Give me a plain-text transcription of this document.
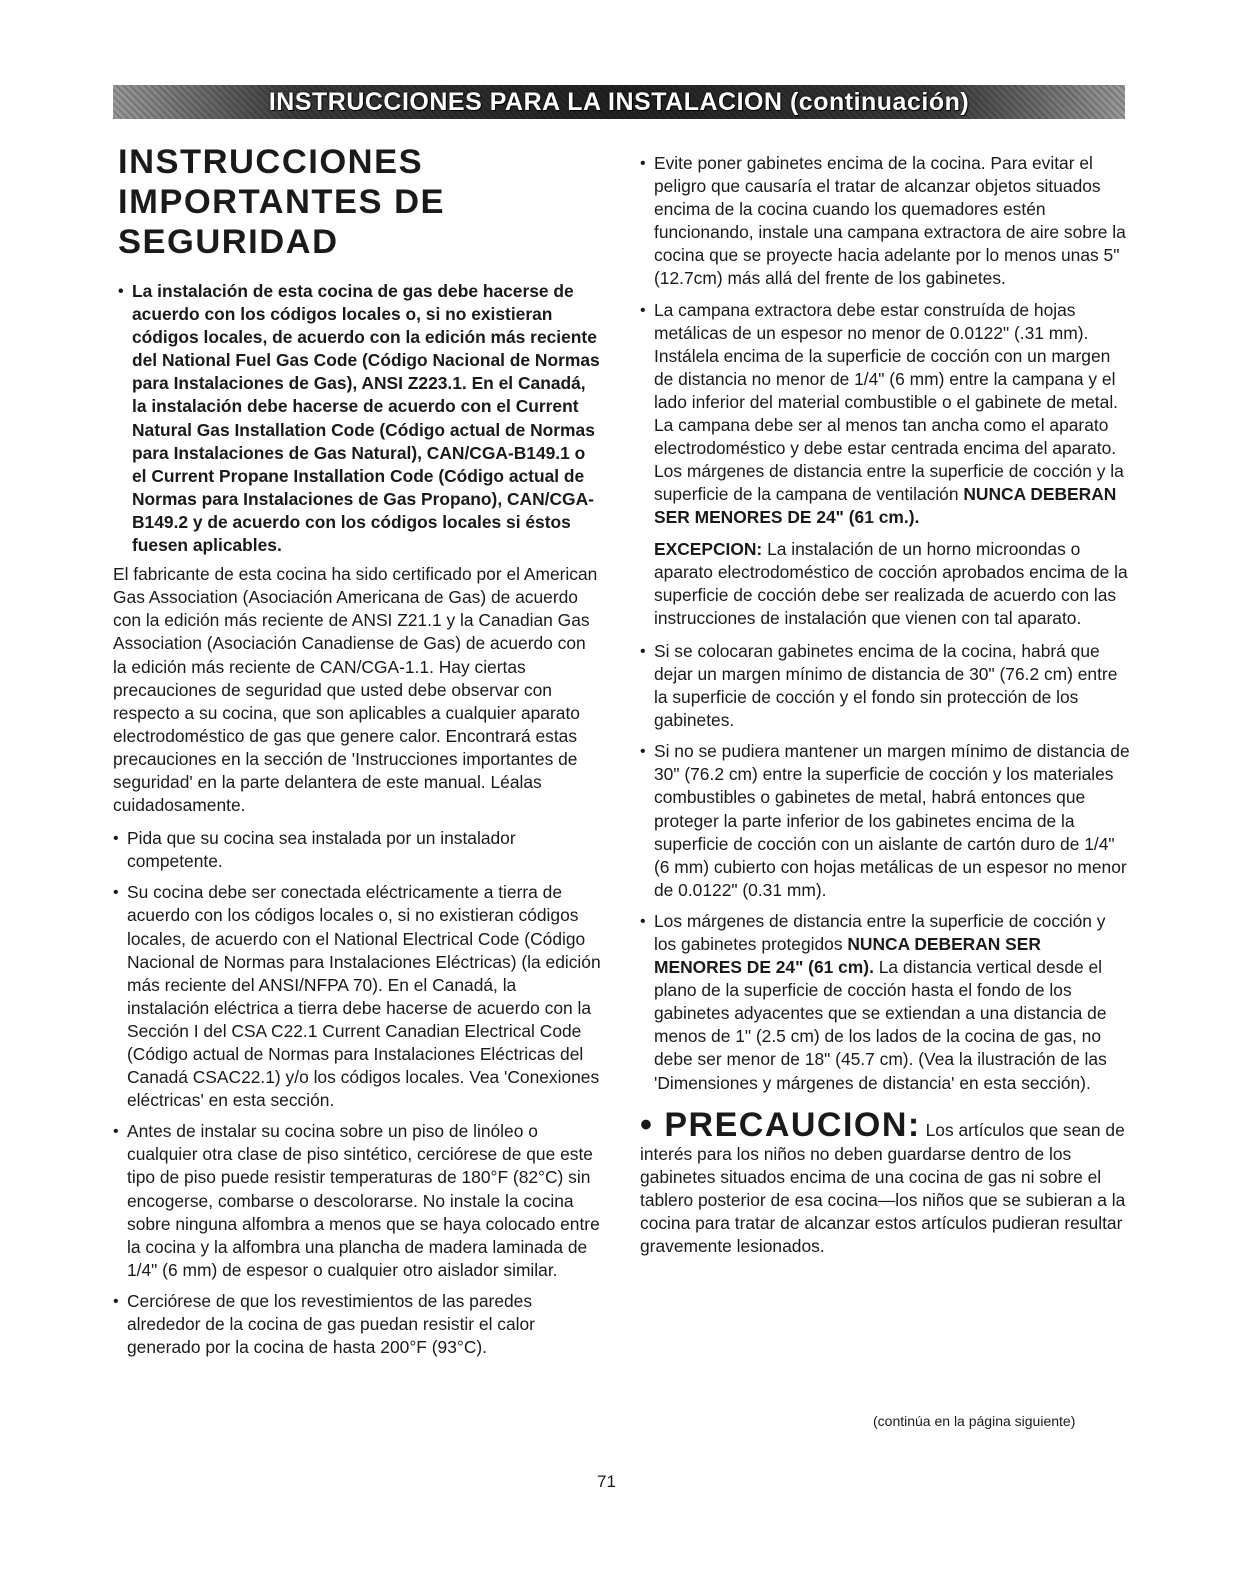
INSTRUCCIONES PARA LA INSTALACION (continuación)
INSTRUCCIONES
IMPORTANTES DE
SEGURIDAD
• La instalación de esta cocina de gas debe hacerse de acuerdo con los códigos locales o, si no existieran códigos locales, de acuerdo con la edición más reciente del National Fuel Gas Code (Código Nacional de Normas para Instalaciones de Gas), ANSI Z223.1. En el Canadá, la instalación debe hacerse de acuerdo con el Current Natural Gas Installation Code (Código actual de Normas para Instalaciones de Gas Natural), CAN/CGA-B149.1 o el Current Propane Installation Code (Código actual de Normas para Instalaciones de Gas Propano), CAN/CGA-B149.2 y de acuerdo con los códigos locales si éstos fuesen aplicables.

El fabricante de esta cocina ha sido certificado por el American Gas Association (Asociación Americana de Gas) de acuerdo con la edición más reciente de ANSI Z21.1 y la Canadian Gas Association (Asociación Canadiense de Gas) de acuerdo con la edición más reciente de CAN/CGA-1.1. Hay ciertas precauciones de seguridad que usted debe observar con respecto a su cocina, que son aplicables a cualquier aparato electrodoméstico de gas que genere calor. Encontrará estas precauciones en la sección de 'Instrucciones importantes de seguridad' en la parte delantera de este manual. Léalas cuidadosamente.

• Pida que su cocina sea instalada por un instalador competente.
• Su cocina debe ser conectada eléctricamente a tierra de acuerdo con los códigos locales o, si no existieran códigos locales, de acuerdo con el National Electrical Code (Código Nacional de Normas para Instalaciones Eléctricas) (la edición más reciente del ANSI/NFPA 70). En el Canadá, la instalación eléctrica a tierra debe hacerse de acuerdo con la Sección I del CSA C22.1 Current Canadian Electrical Code (Código actual de Normas para Instalaciones Eléctricas del Canadá CSAC22.1) y/o los códigos locales. Vea 'Conexiones eléctricas' en esta sección.
• Antes de instalar su cocina sobre un piso de linóleo o cualquier otra clase de piso sintético, cerciórese de que este tipo de piso puede resistir temperaturas de 180°F (82°C) sin encogerse, combarse o descolorarse. No instale la cocina sobre ninguna alfombra a menos que se haya colocado entre la cocina y la alfombra una plancha de madera laminada de 1/4" (6 mm) de espesor o cualquier otro aislador similar.
• Cerciórese de que los revestimientos de las paredes alrededor de la cocina de gas puedan resistir el calor generado por la cocina de hasta 200°F (93°C).
• Evite poner gabinetes encima de la cocina. Para evitar el peligro que causaría el tratar de alcanzar objetos situados encima de la cocina cuando los quemadores estén funcionando, instale una campana extractora de aire sobre la cocina que se proyecte hacia adelante por lo menos unas 5" (12.7cm) más allá del frente de los gabinetes.
• La campana extractora debe estar construída de hojas metálicas de un espesor no menor de 0.0122" (.31 mm). Instálela encima de la superficie de cocción con un margen de distancia no menor de 1/4" (6 mm) entre la campana y el lado inferior del material combustible o el gabinete de metal. La campana debe ser al menos tan ancha como el aparato electrodoméstico y debe estar centrada encima del aparato. Los márgenes de distancia entre la superficie de cocción y la superficie de la campana de ventilación NUNCA DEBERAN SER MENORES DE 24" (61 cm.).

EXCEPCION: La instalación de un horno microondas o aparato electrodoméstico de cocción aprobados encima de la superficie de cocción debe ser realizada de acuerdo con las instrucciones de instalación que vienen con tal aparato.

• Si se colocaran gabinetes encima de la cocina, habrá que dejar un margen mínimo de distancia de 30" (76.2 cm) entre la superficie de cocción y el fondo sin protección de los gabinetes.
• Si no se pudiera mantener un margen mínimo de distancia de 30" (76.2 cm) entre la superficie de cocción y los materiales combustibles o gabinetes de metal, habrá entonces que proteger la parte inferior de los gabinetes encima de la superficie de cocción con un aislante de cartón duro de 1/4" (6 mm) cubierto con hojas metálicas de un espesor no menor de 0.0122" (0.31 mm).
• Los márgenes de distancia entre la superficie de cocción y los gabinetes protegidos NUNCA DEBERAN SER MENORES DE 24" (61 cm). La distancia vertical desde el plano de la superficie de cocción hasta el fondo de los gabinetes adyacentes que se extiendan a una distancia de menos de 1" (2.5 cm) de los lados de la cocina de gas, no debe ser menor de 18" (45.7 cm). (Vea la ilustración de las 'Dimensiones y márgenes de distancia' en esta sección).

• PRECAUCION: Los artículos que sean de interés para los niños no deben guardarse dentro de los gabinetes situados encima de una cocina de gas ni sobre el tablero posterior de esa cocina—los niños que se subieran a la cocina para tratar de alcanzar estos artículos pudieran resultar gravemente lesionados.

(continúa en la página siguiente)
71
